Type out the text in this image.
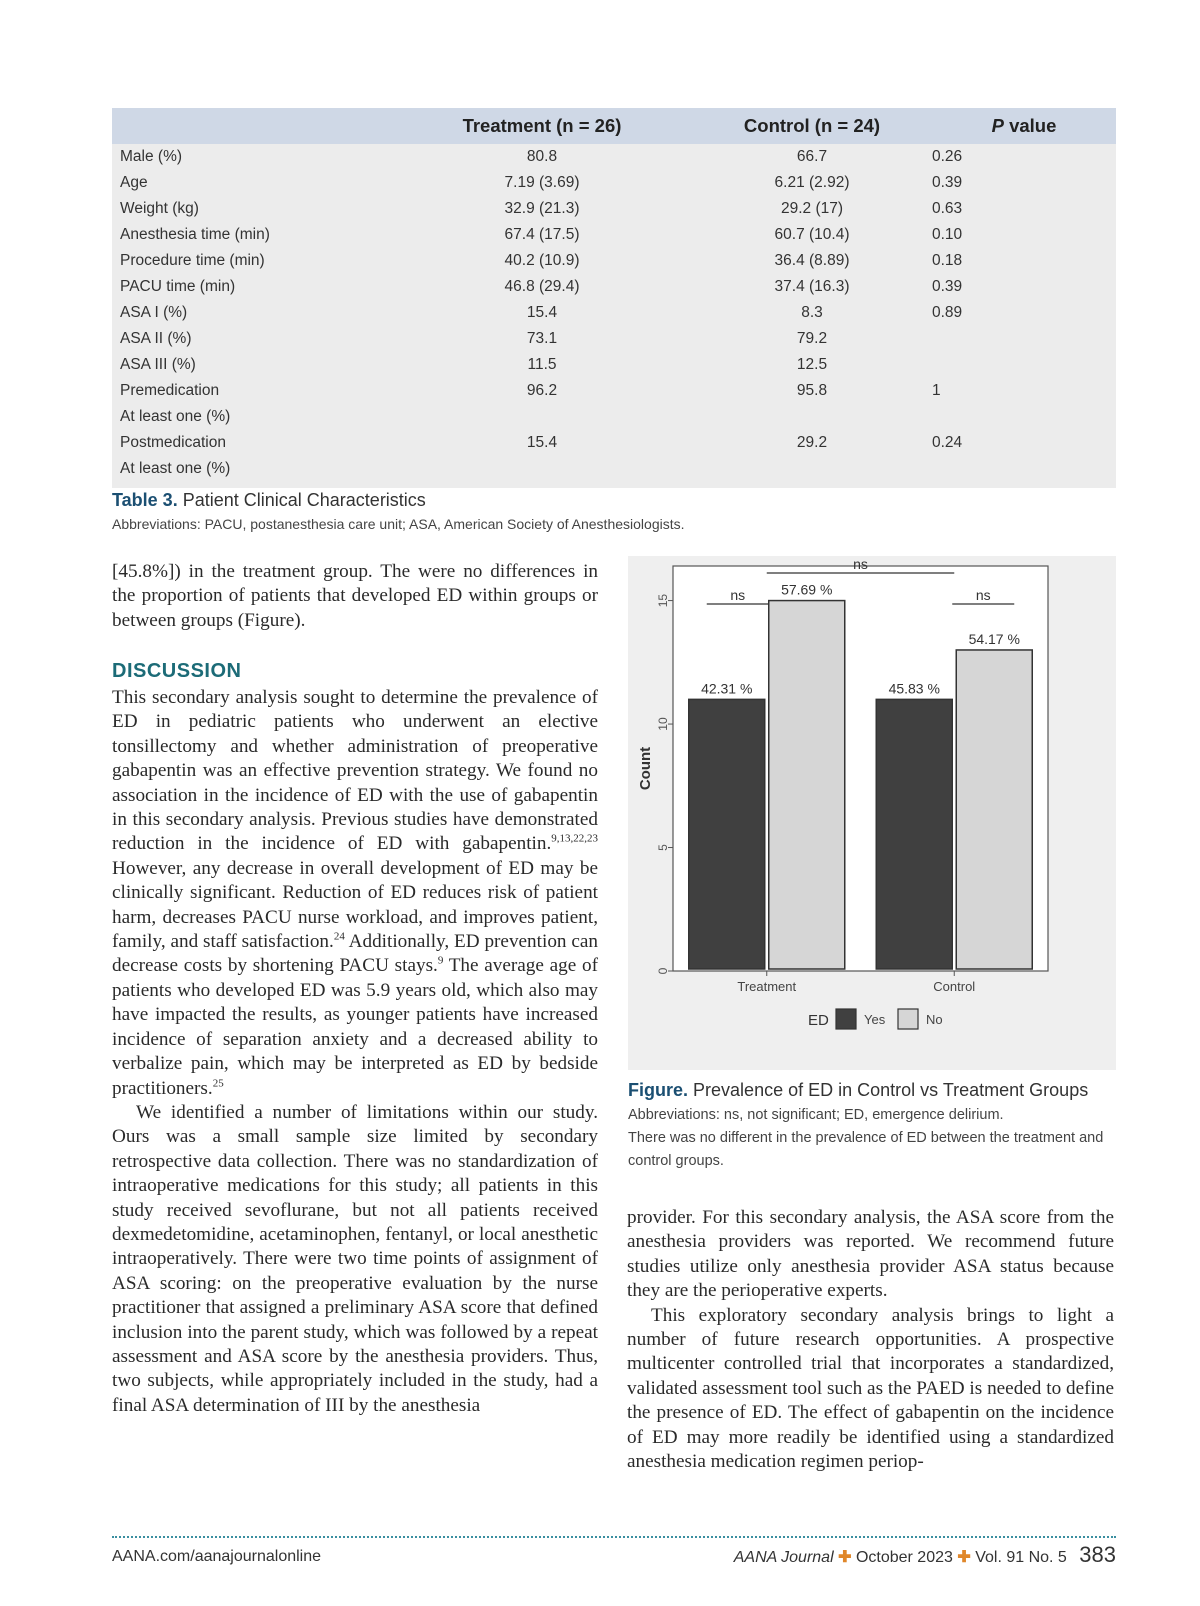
Treatment (n = 26)	Control (n = 24)	P value
Male (%)	80.8	66.7	0.26
Age	7.19 (3.69)	6.21 (2.92)	0.39
Weight (kg)	32.9 (21.3)	29.2 (17)	0.63
Anesthesia time (min)	67.4 (17.5)	60.7 (10.4)	0.10
Procedure time (min)	40.2 (10.9)	36.4 (8.89)	0.18
PACU time (min)	46.8 (29.4)	37.4 (16.3)	0.39
ASA I (%)	15.4	8.3	0.89
ASA II (%)	73.1	79.2
ASA III (%)	11.5	12.5
Premedication	96.2	95.8	1
At least one (%)
Postmedication	15.4	29.2	0.24
At least one (%)
Table 3. Patient Clinical Characteristics
Abbreviations: PACU, postanesthesia care unit; ASA, American Society of Anesthesiologists.

[45.8%]) in the treatment group. The were no differences in the proportion of patients that developed ED within groups or between groups (Figure).

DISCUSSION

This secondary analysis sought to determine the prevalence of ED in pediatric patients who underwent an elective tonsillectomy and whether administration of preoperative gabapentin was an effective prevention strategy. We found no association in the incidence of ED with the use of gabapentin in this secondary analysis. Previous studies have demonstrated reduction in the incidence of ED with gabapentin.$^{9,13,22,23}$ However, any decrease in overall development of ED may be clinically significant. Reduction of ED reduces risk of patient harm, decreases PACU nurse workload, and improves patient, family, and staff satisfaction.$^{24}$ Additionally, ED prevention can decrease costs by shortening PACU stays.$^9$ The average age of patients who developed ED was 5.9 years old, which also may have impacted the results, as younger patients have increased incidence of separation anxiety and a decreased ability to verbalize pain, which may be interpreted as ED by bedside practitioners.$^{25}$

We identified a number of limitations within our study. Ours was a small sample size limited by secondary retrospective data collection. There was no standardization of intraoperative medications for this study; all patients in this study received sevoflurane, but not all patients received dexmedetomidine, acetaminophen, fentanyl, or local anesthetic intraoperatively. There were two time points of assignment of ASA scoring: on the preoperative evaluation by the nurse practitioner that assigned a preliminary ASA score that defined inclusion into the parent study, which was followed by a repeat assessment and ASA score by the anesthesia providers. Thus, two subjects, while appropriately included in the study, had a final ASA determination of III by the anesthesia

0
5
10
15
Count
Treatment
42.31 %
57.69 %
Control
45.83 %
54.17 %
ns	ns
ns
ED	Yes	No
Figure. Prevalence of ED in Control vs Treatment Groups
Abbreviations: ns, not significant; ED, emergence delirium.
There was no different in the prevalence of ED between the treatment and control groups.

provider. For this secondary analysis, the ASA score from the anesthesia providers was reported. We recommend future studies utilize only anesthesia provider ASA status because they are the perioperative experts.

This exploratory secondary analysis brings to light a number of future research opportunities. A prospective multicenter controlled trial that incorporates a standardized, validated assessment tool such as the PAED is needed to define the presence of ED. The effect of gabapentin on the incidence of ED may more readily be identified using a standardized anesthesia medication regimen periop-

AANA.com/aanajournalonline	AANA Journal ✚ October 2023 ✚ Vol. 91 No. 5 383
